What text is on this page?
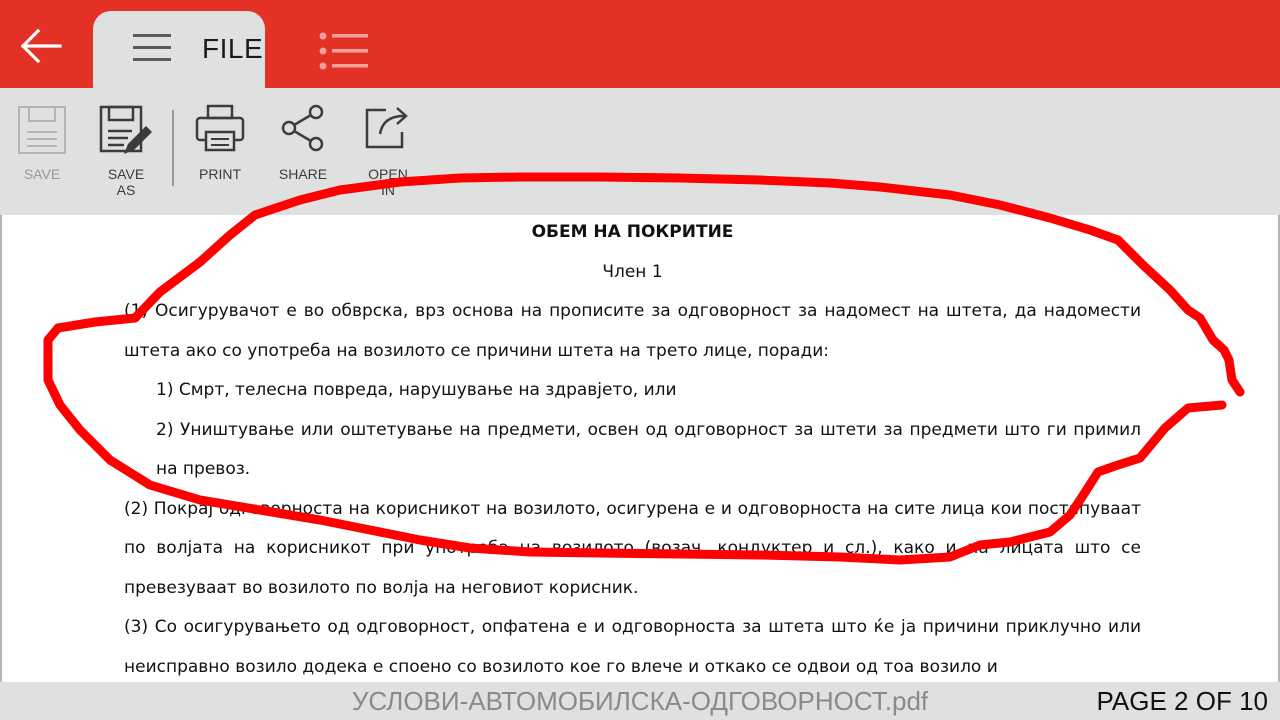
FILE
SAVE	SAVE
AS
PRINT	SHARE	OPEN
IN

ОБЕМ НА ПОКРИТИЕ

Член 1

(1) Осигурувачот е во обврска, врз основа на прописите за одговорност за надомест на штета, да надомести штета ако со употреба на возилото се причини штета на трето лице, поради:

1) Смрт, телесна повреда, нарушување на здравјето, или

2) Уништување или оштетување на предмети, освен од одговорност за штети за предмети што ги примил на превоз.

(2) Покрај одговорноста на корисникот на возилото, осигурена е и одговорноста на сите лица кои постапуваат по волјата на корисникот при употреба на возилото (возач, кондуктер и сл.), како и на лицата што се превезуваат во возилото по волја на неговиот корисник.

(3) Со осигурувањето од одговорност, опфатена е и одговорноста за штета што ќе ја причини приклучно или неисправно возило додека е споено со возилото кое го влече и откако се одвои од тоа возило и

УСЛОВИ-АВТОМОБИЛСКА-ОДГОВОРНОСТ.pdf	PAGE 2 OF 10
